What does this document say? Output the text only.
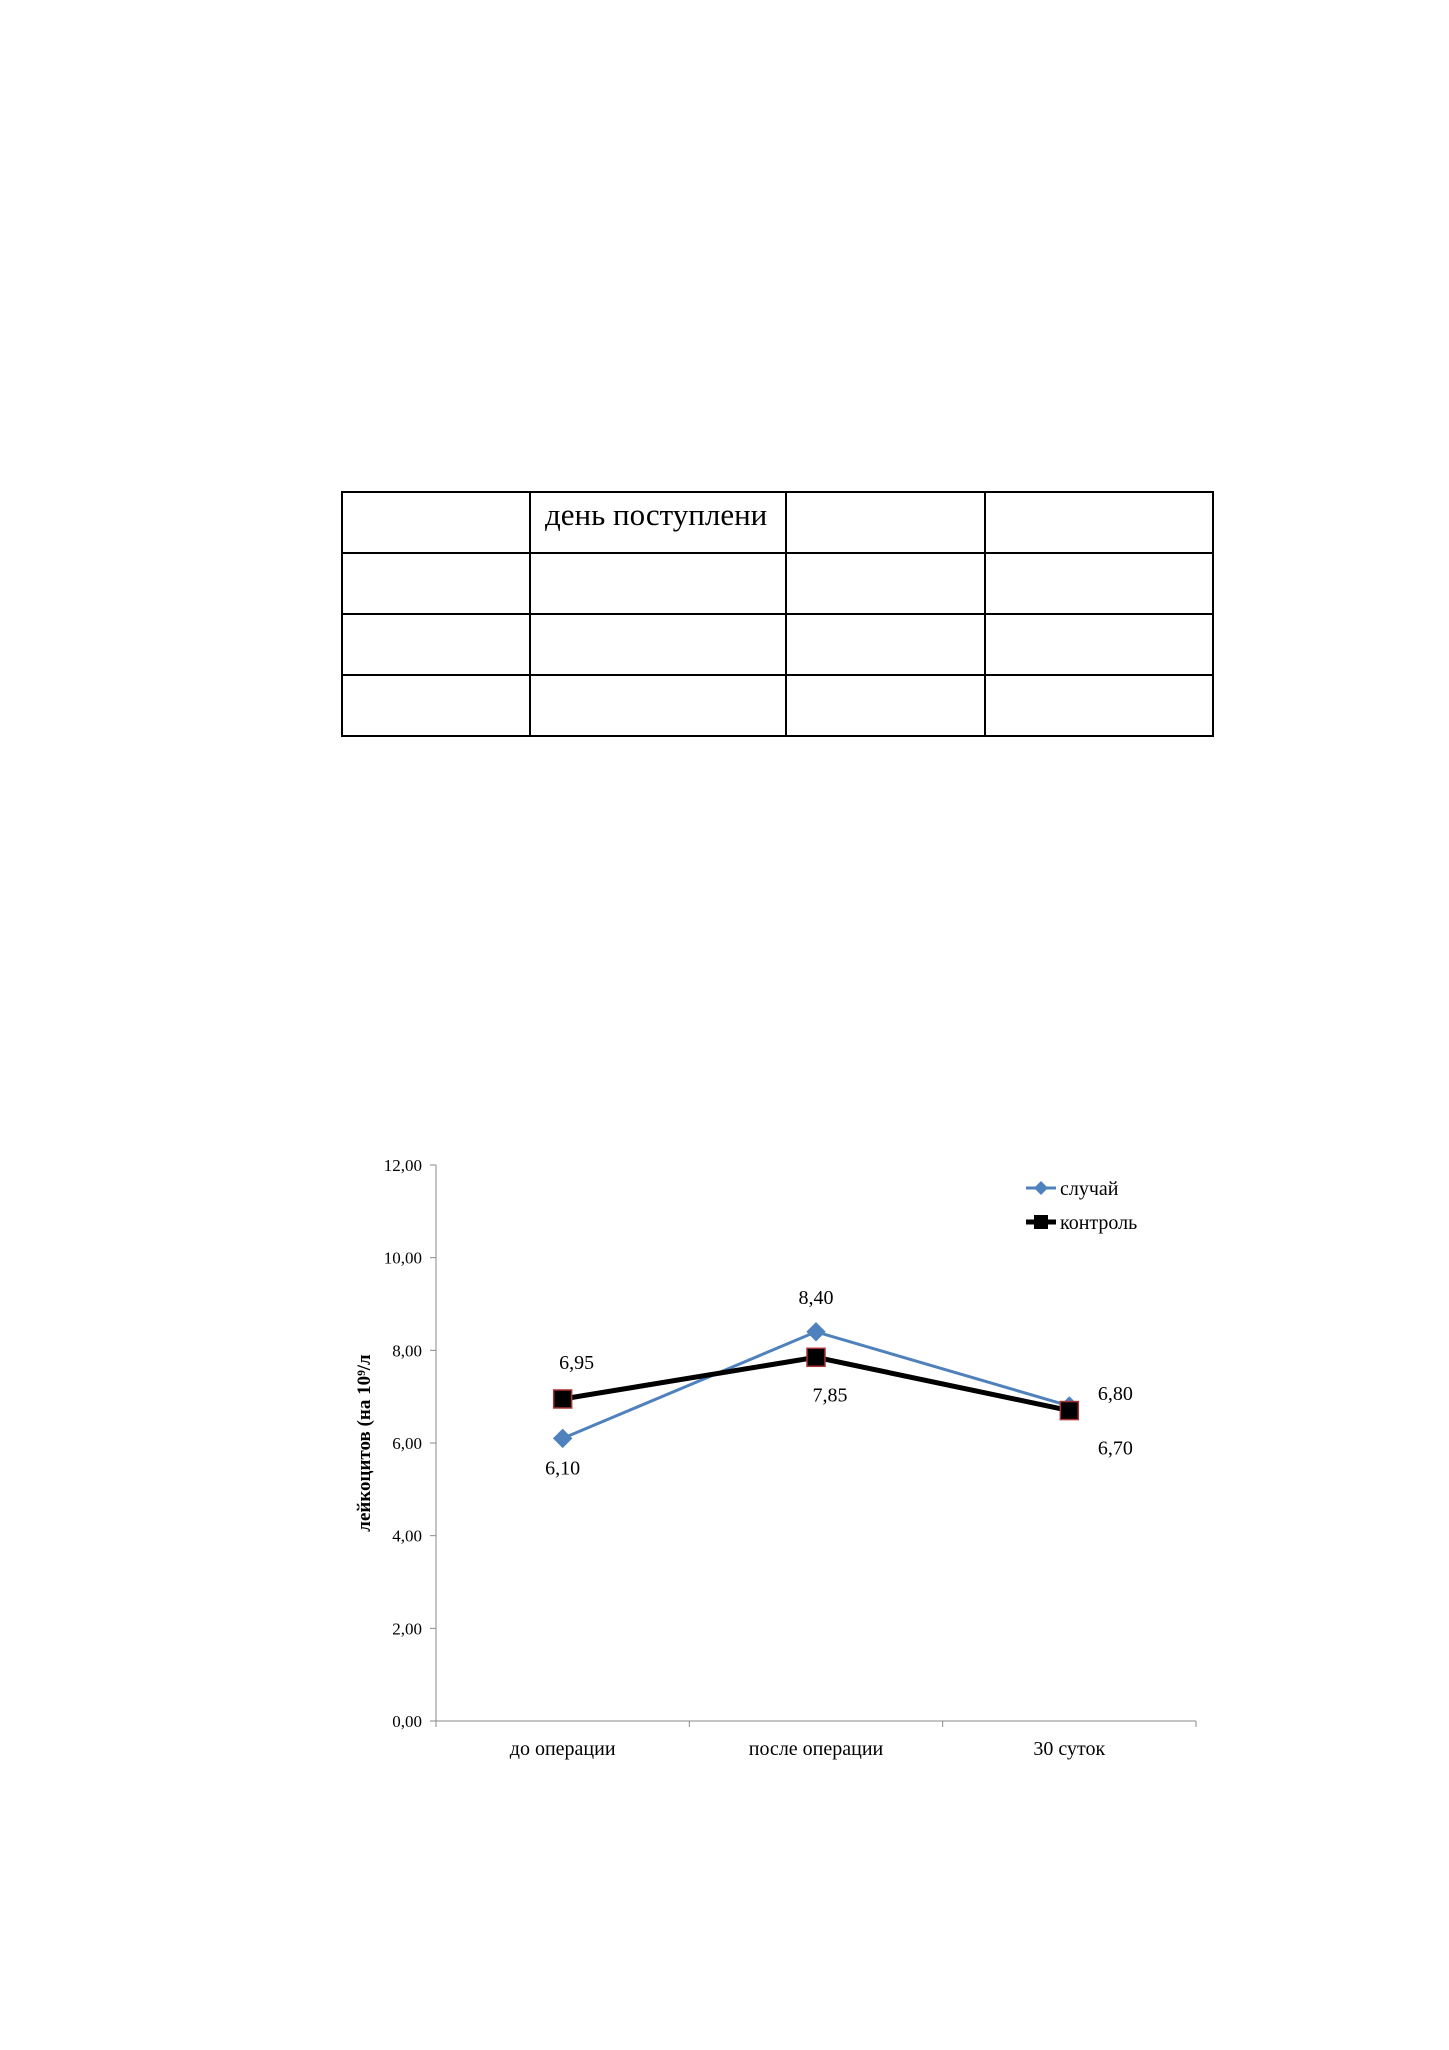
	день поступлени		

0,00
2,00
4,00
6,00
8,00
10,00
12,00
лейкоцитов (на 10⁹/л
до операции	после операции	30 суток
6,10
8,40
6,80
6,95
7,85
6,70
случай
контроль
